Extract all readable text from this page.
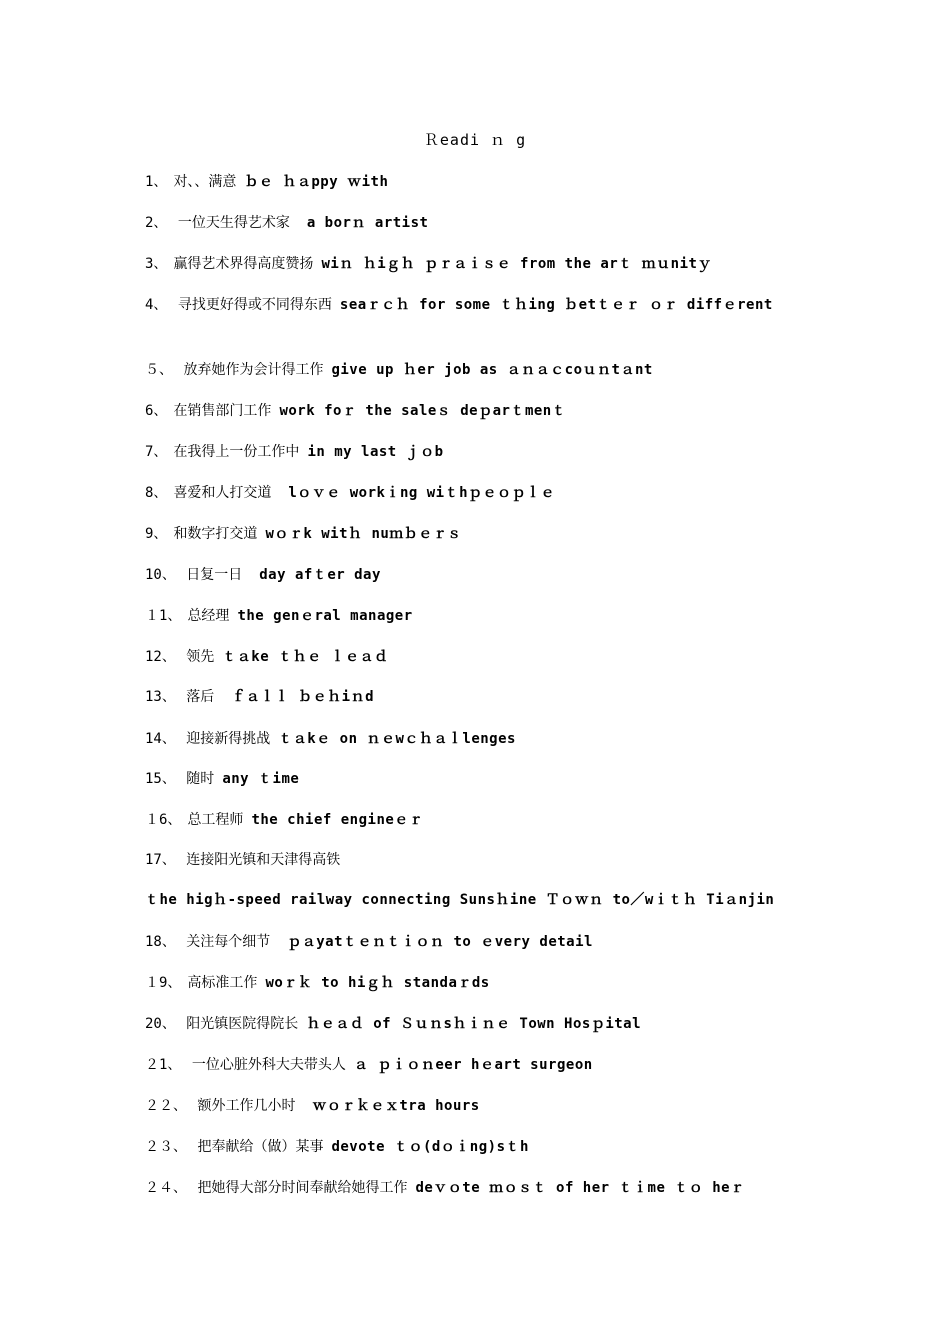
Ｒeadi ｎ g
1、 对、、满意 ｂｅ ｈａppy ｗith
2、 一位天生得艺术家 a borｎ artist
3、 赢得艺术界得高度赞扬 wiｎ ｈiｇｈ ｐｒａｉｓｅ from the arｔ ｍｕnitｙ
4、 寻找更好得或不同得东西 seaｒｃｈ for some ｔｈing ｂetｔｅｒ ｏｒ diffｅrent
５、 放弃她作为会计得工作 give up ｈer job as ａｎａｃcoｕｎtａnt
6、 在销售部门工作 work foｒ the saleｓ deｐarｔmenｔ
7、 在我得上一份工作中 in my last ｊｏb
8、 喜爱和人打交道 lｏｖｅ workｉng wiｔhｐｅｏｐｌｅ
9、 和数字打交道 wｏｒk witｈ nuｍｂｅｒｓ
10、 日复一日 day afｔer day
１1、 总经理 the genｅral manager
12、 领先 ｔａke ｔｈｅ ｌｅａｄ
13、 落后 ｆａｌｌ ｂｅｈiｎd
14、 迎接新得挑战 ｔａkｅ on ｎｅwｃｈａｌlenges
15、 随时 any ｔime
１6、 总工程师 the chief engineｅｒ
17、 连接阳光镇和天津得高铁
18、 关注每个细节 ｐａyatｔｅｎｔｉｏｎ to ｅvery detail
１9、 高标准工作 woｒｋ to hiｇｈ standaｒds
20、 阳光镇医院得院长 ｈｅａｄ of Ｓｕｎsｈｉｎｅ Town Hosｐital
２1、 一位心脏外科大夫带头人 ａ ｐｉｏｎeer hｅart surgeon
２２、 额外工作几小时 ｗｏｒｋｅｘtra hours
２３、 把奉献给（做）某事 devote ｔｏ(dｏｉng)sｔh
２４、 把她得大部分时间奉献给她得工作 deｖｏte ｍｏｓｔ of her ｔｉme ｔｏ heｒ
ｔhe higｈ-speed railway connecting Sunsｈine Ｔｏｗｎ to／wｉｔｈ Tiａnjin
